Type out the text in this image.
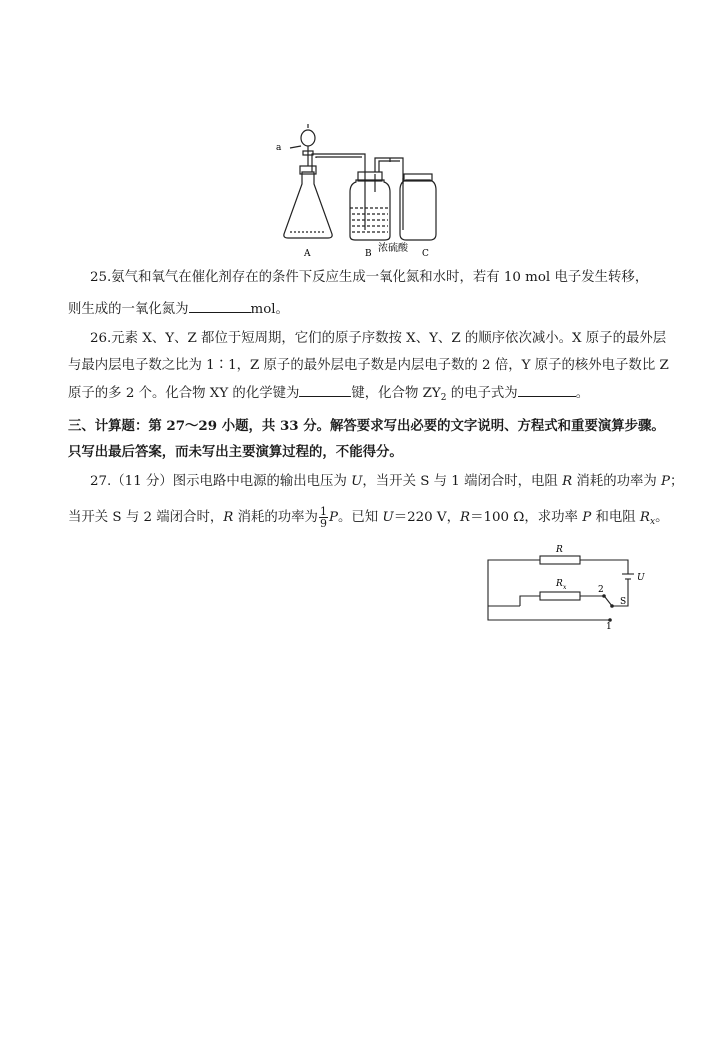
a
A	B 浓硫酸 C
25.氨气和氧气在催化剂存在的条件下反应生成一氧化氮和水时，若有 10 mol 电子发生转移，
则生成的一氧化氮为	mol。
26.元素 X、Y、Z 都位于短周期，它们的原子序数按 X、Y、Z 的顺序依次减小。X 原子的最外层
与最内层电子数之比为 1∶1，Z 原子的最外层电子数是内层电子数的 2 倍，Y 原子的核外电子数比 Z
原子的多 2 个。化合物 XY 的化学键为	键，化合物 $ZY_2$ 的电子式为	。
三、计算题：第 27～29 小题，共 33 分。解答要求写出必要的文字说明、方程式和重要演算步骤。
只写出最后答案，而未写出主要演算过程的，不能得分。
27.（11 分）图示电路中电源的输出电压为 U，当开关 S 与 1 端闭合时，电阻 R 消耗的功率为 P；
当开关 S 与 2 端闭合时，R 消耗的功率为 $\frac{1}{9}$ P。已知 U＝220 V，R＝100 Ω，求功率 P 和电阻 $R_x$。
R
R x
U
2
S
1
